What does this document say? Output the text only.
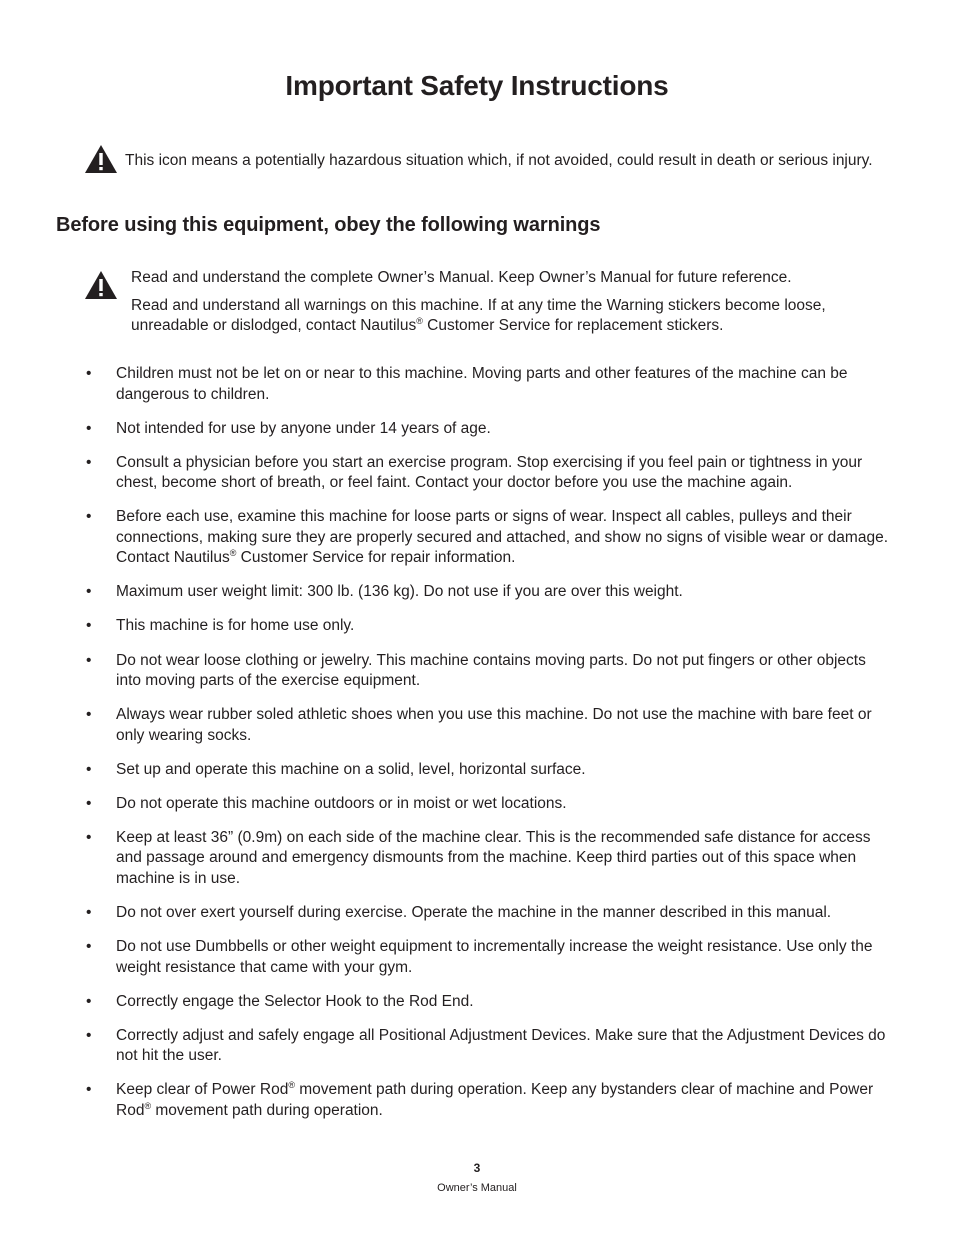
Important Safety Instructions

This icon means a potentially hazardous situation which, if not avoided, could result in death or serious injury.

Before using this equipment, obey the following warnings

Read and understand the complete Owner’s Manual. Keep Owner’s Manual for future reference.

Read and understand all warnings on this machine. If at any time the Warning stickers become loose, unreadable or dislodged, contact Nautilus® Customer Service for replacement stickers.

• Children must not be let on or near to this machine. Moving parts and other features of the machine can be dangerous to children.
• Not intended for use by anyone under 14 years of age.
• Consult a physician before you start an exercise program. Stop exercising if you feel pain or tightness in your chest, become short of breath, or feel faint. Contact your doctor before you use the machine again.
• Before each use, examine this machine for loose parts or signs of wear. Inspect all cables, pulleys and their connections, making sure they are properly secured and attached, and show no signs of visible wear or damage. Contact Nautilus® Customer Service for repair information.
• Maximum user weight limit: 300 lb. (136 kg). Do not use if you are over this weight.
• This machine is for home use only.
• Do not wear loose clothing or jewelry. This machine contains moving parts. Do not put fingers or other objects into moving parts of the exercise equipment.
• Always wear rubber soled athletic shoes when you use this machine. Do not use the machine with bare feet or only wearing socks.
• Set up and operate this machine on a solid, level, horizontal surface.
• Do not operate this machine outdoors or in moist or wet locations.
• Keep at least 36” (0.9m) on each side of the machine clear. This is the recommended safe distance for access and passage around and emergency dismounts from the machine. Keep third parties out of this space when machine is in use.
• Do not over exert yourself during exercise. Operate the machine in the manner described in this manual.
• Do not use Dumbbells or other weight equipment to incrementally increase the weight resistance. Use only the weight resistance that came with your gym.
• Correctly engage the Selector Hook to the Rod End.
• Correctly adjust and safely engage all Positional Adjustment Devices. Make sure that the Adjustment Devices do not hit the user.
• Keep clear of Power Rod® movement path during operation. Keep any bystanders clear of machine and Power Rod® movement path during operation.
3
Owner’s Manual
